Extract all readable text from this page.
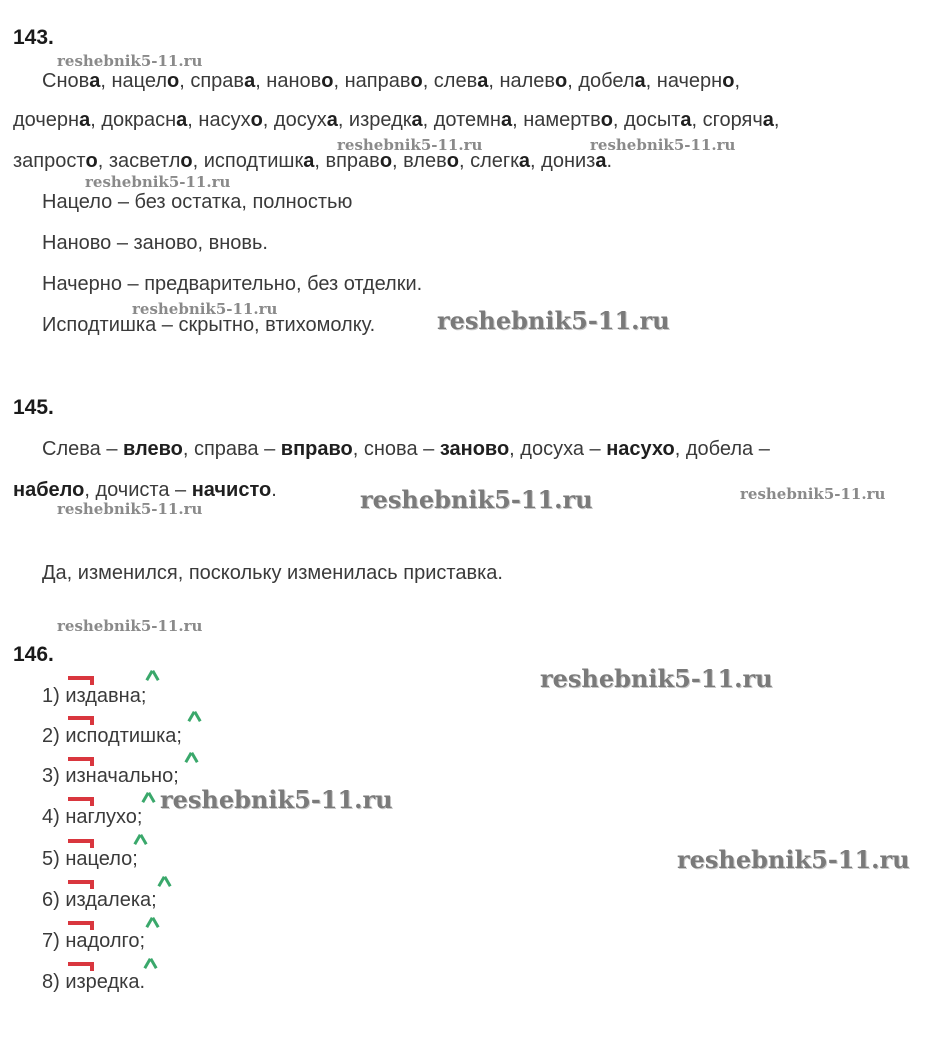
143.
Снова, нацело, справа, наново, направо, слева, налево, добела, начерно,
дочерна, докрасна, насухо, досуха, изредка, дотемна, намертво, досыта, сгоряча,
запросто, засветло, исподтишка, вправо, влево, слегка, дониза.
Нацело – без остатка, полностью
Наново – заново, вновь.
Начерно – предварительно, без отделки.
Исподтишка – скрытно, втихомолку.
145.
Слева – влево, справа – вправо, снова – заново, досуха – насухо, добела –
набело, дочиста – начисто.
Да, изменился, поскольку изменилась приставка.
146.
1) издавна;
2) исподтишка;
3) изначально;
4) наглухо;
5) нацело;
6) издалека;
7) надолго;
8) изредка.
reshebnik5-11.ru
reshebnik5-11.ru	reshebnik5-11.ru
reshebnik5-11.ru
reshebnik5-11.ru	reshebnik5-11.ru
reshebnik5-11.ru	reshebnik5-11.ru
reshebnik5-11.ru
reshebnik5-11.ru
reshebnik5-11.ru
reshebnik5-11.ru
reshebnik5-11.ru
